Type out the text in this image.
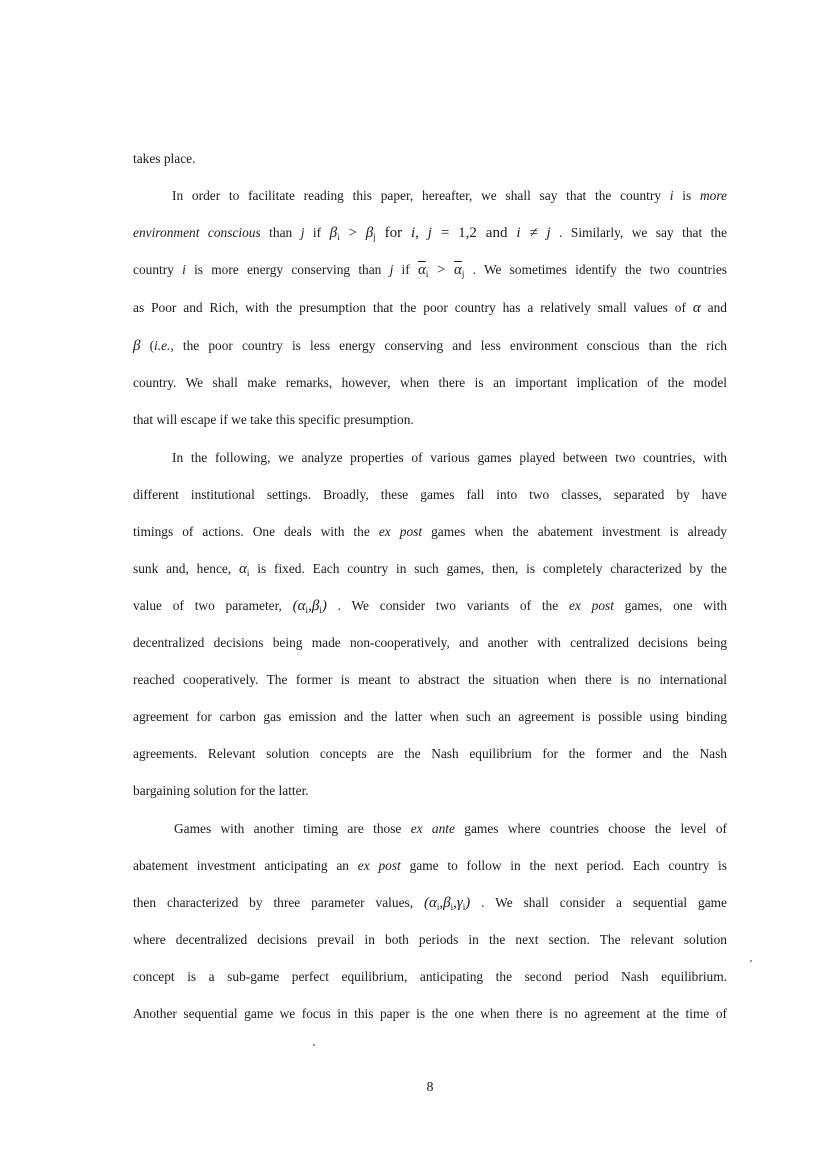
takes place.
In order to facilitate reading this paper, hereafter, we shall say that the country i is more
environment conscious than j if $\beta_i > \beta_j$ for i, j = 1,2 and i ≠ j . Similarly, we say that the
country i is more energy conserving than j if $\overline{\alpha}_i > \overline{\alpha}_j$ . We sometimes identify the two countries
as Poor and Rich, with the presumption that the poor country has a relatively small values of α and
β (i.e., the poor country is less energy conserving and less environment conscious than the rich
country. We shall make remarks, however, when there is an important implication of the model
that will escape if we take this specific presumption.
In the following, we analyze properties of various games played between two countries, with
different institutional settings. Broadly, these games fall into two classes, separated by have
timings of actions. One deals with the ex post games when the abatement investment is already
sunk and, hence, $\alpha_i$ is fixed. Each country in such games, then, is completely characterized by the
value of two parameter, $(\alpha_i,\beta_i)$ . We consider two variants of the ex post games, one with
decentralized decisions being made non-cooperatively, and another with centralized decisions being
reached cooperatively. The former is meant to abstract the situation when there is no international
agreement for carbon gas emission and the latter when such an agreement is possible using binding
agreements. Relevant solution concepts are the Nash equilibrium for the former and the Nash
bargaining solution for the latter.
Games with another timing are those ex ante games where countries choose the level of
abatement investment anticipating an ex post game to follow in the next period. Each country is
then characterized by three parameter values, $(\alpha_i,\beta_i,\gamma_i)$ . We shall consider a sequential game
where decentralized decisions prevail in both periods in the next section. The relevant solution
concept is a sub-game perfect equilibrium, anticipating the second period Nash equilibrium.
Another sequential game we focus in this paper is the one when there is no agreement at the time of
8
